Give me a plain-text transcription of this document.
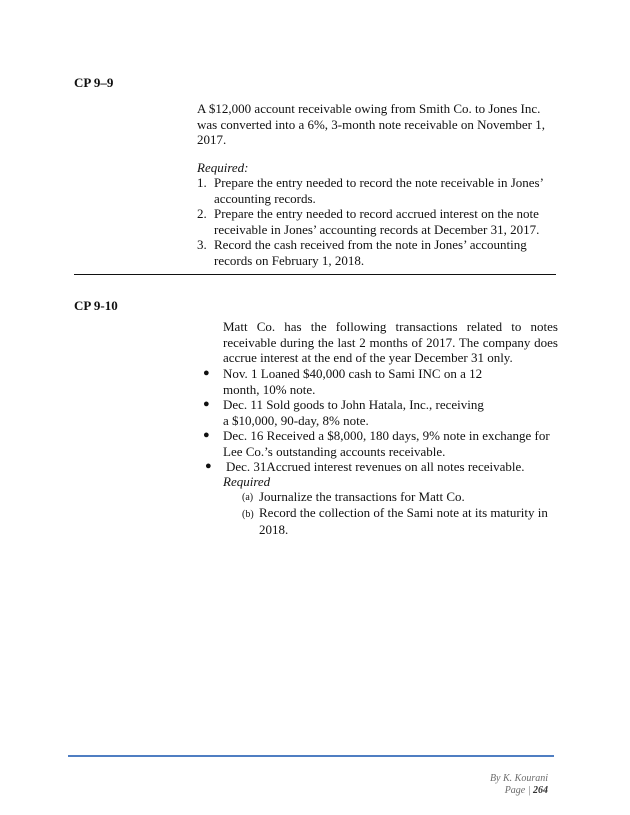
CP 9–9
A $12,000 account receivable owing from Smith Co. to Jones Inc. was converted into a 6%, 3-month note receivable on November 1, 2017.
Required:
1. Prepare the entry needed to record the note receivable in Jones’ accounting records.
2. Prepare the entry needed to record accrued interest on the note receivable in Jones’ accounting records at December 31, 2017.
3. Record the cash received from the note in Jones’ accounting records on February 1, 2018.
CP 9-10
Matt Co. has the following transactions related to notes receivable during the last 2 months of 2017. The company does accrue interest at the end of the year December 31 only.
● Nov. 1 Loaned $40,000 cash to Sami INC on a 12 month, 10% note.
● Dec. 11 Sold goods to John Hatala, Inc., receiving a $10,000, 90-day, 8% note.
● Dec. 16 Received a $8,000, 180 days, 9% note in exchange for Lee Co.’s outstanding accounts receivable.
● Dec. 31Accrued interest revenues on all notes receivable.
Required
(a) Journalize the transactions for Matt Co.
(b) Record the collection of the Sami note at its maturity in 2018.
By K. Kourani
Page | 264
